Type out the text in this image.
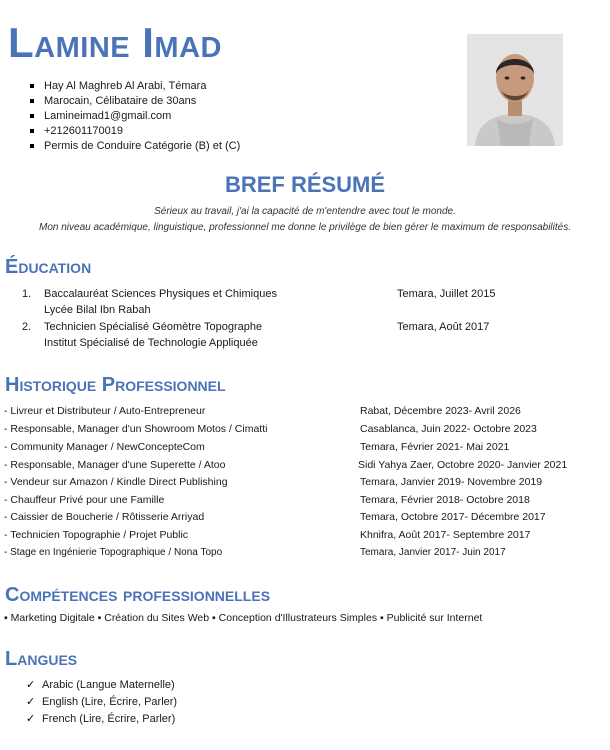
Lamine Imad
Hay Al Maghreb Al Arabi, Témara
Marocain, Célibataire de 30ans
Lamineimad1@gmail.com
+212601170019
Permis de Conduire Catégorie (B) et (C)
BREF RÉSUMÉ
Sérieux au travail, j'ai la capacité de m'entendre avec tout le monde.
Mon niveau académique, linguistique, professionnel me donne le privilège de bien gérer le maximum de responsabilités.
Éducation
1.	Baccalauréat Sciences Physiques et Chimiques	Temara, Juillet 2015
Lycée Bilal Ibn Rabah
2.	Technicien Spécialisé Géomètre Topographe	Temara, Août 2017
Institut Spécialisé de Technologie Appliquée
Historique Professionnel
- Livreur et Distributeur / Auto-Entrepreneur	Rabat, Décembre 2023- Avril 2026
- Responsable, Manager d'un Showroom Motos / Cimatti	Casablanca, Juin 2022- Octobre 2023
- Community Manager / NewConcepteCom	Temara, Février 2021- Mai 2021
- Responsable, Manager d'une Superette / Atoo	Sidi Yahya Zaer, Octobre 2020- Janvier 2021
- Vendeur sur Amazon / Kindle Direct Publishing	Temara, Janvier 2019- Novembre 2019
- Chauffeur Privé pour une Famille	Temara, Février 2018- Octobre 2018
- Caissier de Boucherie / Rôtisserie Arriyad	Temara, Octobre 2017- Décembre 2017
- Technicien Topographie / Projet Public	Khnifra, Août 2017- Septembre 2017
- Stage en Ingénierie Topographique / Nona Topo	Temara, Janvier 2017- Juin 2017
Compétences professionnelles
▪ Marketing Digitale ▪ Création du Sites Web ▪ Conception d'Illustrateurs Simples ▪ Publicité sur Internet
Langues
✓ Arabic (Langue Maternelle)
✓ English (Lire, Écrire, Parler)
✓ French (Lire, Écrire, Parler)
